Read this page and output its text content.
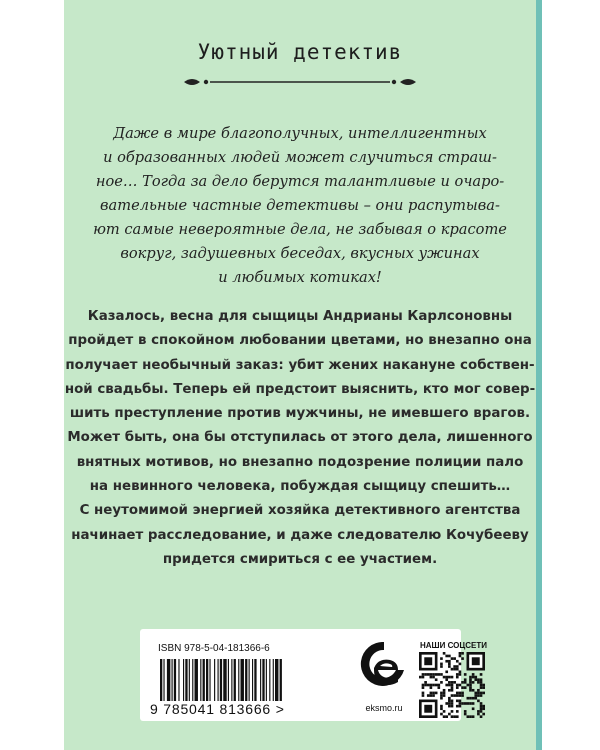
Уютный детектив
Даже в мире благополучных, интеллигентных
и образованных людей может случиться страш-
ное… Тогда за дело берутся талантливые и очаро-
вательные частные детективы – они распутыва-
ют самые невероятные дела, не забывая о красоте
вокруг, задушевных беседах, вкусных ужинах
и любимых котиках!
Казалось, весна для сыщицы Андрианы Карлсоновны
пройдет в спокойном любовании цветами, но внезапно она
получает необычный заказ: убит жених накануне собствен-
ной свадьбы. Теперь ей предстоит выяснить, кто мог совер-
шить преступление против мужчины, не имевшего врагов.
Может быть, она бы отступилась от этого дела, лишенного
внятных мотивов, но внезапно подозрение полиции пало
на невинного человека, побуждая сыщицу спешить…
С неутомимой энергией хозяйка детективного агентства
начинает расследование, и даже следователю Кочубееву
придется смириться с ее участием.
ISBN 978-5-04-181366-6
9 785041 813666 >	eksmo.ru
НАШИ СОЦСЕТИ
